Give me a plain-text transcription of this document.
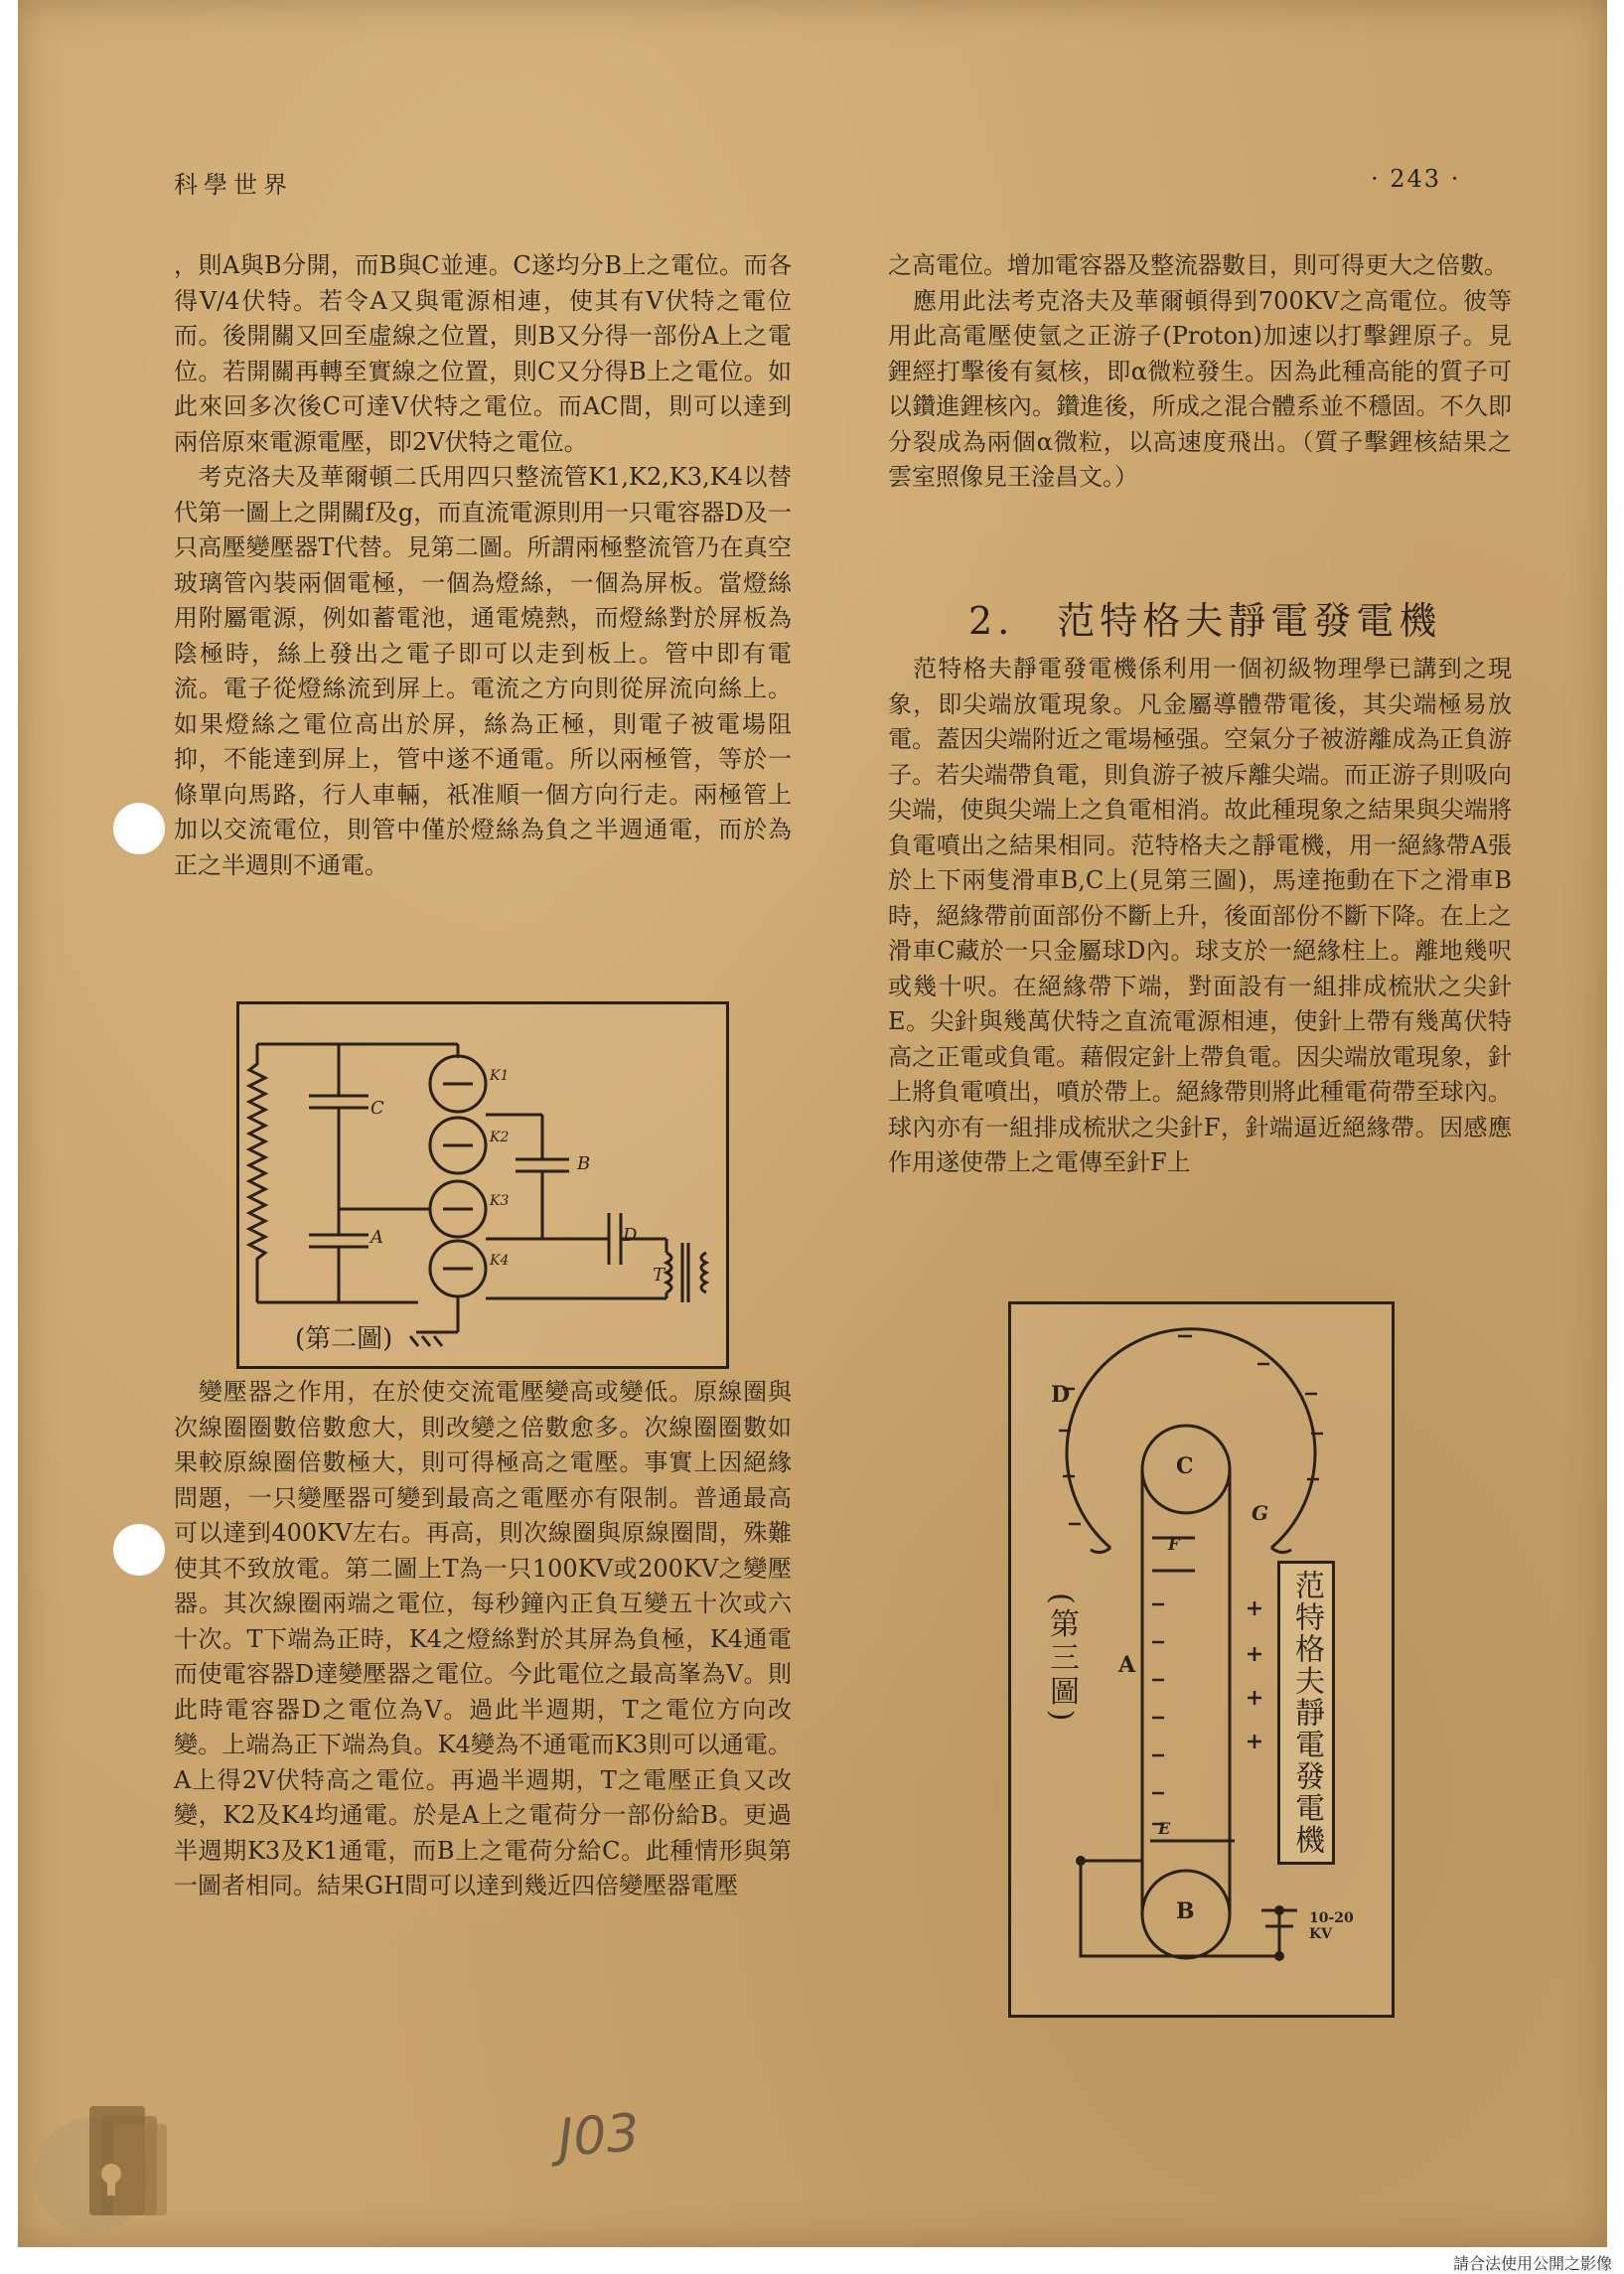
科學世界	· 243 ·

，則A與B分開，而B與C並連。C遂均分B上之電位。而各得V/4伏特。若令A又與電源相連，使其有V伏特之電位而。後開關又回至虛線之位置，則B又分得一部份A上之電位。若開關再轉至實線之位置，則C又分得B上之電位。如此來回多次後C可達V伏特之電位。而AC間，則可以達到兩倍原來電源電壓，即2V伏特之電位。

　考克洛夫及華爾頓二氏用四只整流管K1,K2,K3,K4以替代第一圖上之開關f及g，而直流電源則用一只電容器D及一只高壓變壓器T代替。見第二圖。所謂兩極整流管乃在真空玻璃管內裝兩個電極，一個為燈絲，一個為屏板。當燈絲用附屬電源，例如蓄電池，通電燒熱，而燈絲對於屏板為陰極時，絲上發出之電子即可以走到板上。管中即有電流。電子從燈絲流到屏上。電流之方向則從屏流向絲上。如果燈絲之電位高出於屏，絲為正極，則電子被電場阻抑，不能達到屏上，管中遂不通電。所以兩極管，等於一條單向馬路，行人車輛，祇准順一個方向行走。兩極管上加以交流電位，則管中僅於燈絲為負之半週通電，而於為正之半週則不通電。

C
B
A	D
T
K1
K2
K3
K4
(第二圖)

　變壓器之作用，在於使交流電壓變高或變低。原線圈與次線圈圈數倍數愈大，則改變之倍數愈多。次線圈圈數如果較原線圈倍數極大，則可得極高之電壓。事實上因絕緣問題，一只變壓器可變到最高之電壓亦有限制。普通最高可以達到400KV左右。再高，則次線圈與原線圈間，殊難使其不致放電。第二圖上T為一只100KV或200KV之變壓器。其次線圈兩端之電位，每秒鐘內正負互變五十次或六十次。T下端為正時，K4之燈絲對於其屏為負極，K4通電而使電容器D達變壓器之電位。今此電位之最高峯為V。則此時電容器D之電位為V。過此半週期，T之電位方向改變。上端為正下端為負。K4變為不通電而K3則可以通電。A上得2V伏特高之電位。再過半週期，T之電壓正負又改變，K2及K4均通電。於是A上之電荷分一部份給B。更過半週期K3及K1通電，而B上之電荷分給C。此種情形與第一圖者相同。結果GH間可以達到幾近四倍變壓器電壓

之高電位。增加電容器及整流器數目，則可得更大之倍數。

　應用此法考克洛夫及華爾頓得到700KV之高電位。彼等用此高電壓使氫之正游子(Proton)加速以打擊鋰原子。見鋰經打擊後有氦核，即α微粒發生。因為此種高能的質子可以鑽進鋰核內。鑽進後，所成之混合體系並不穩固。不久即分裂成為兩個α微粒，以高速度飛出。（質子擊鋰核結果之雲室照像見王淦昌文。）

2.　范特格夫靜電發電機

　范特格夫靜電發電機係利用一個初級物理學已講到之現象，即尖端放電現象。凡金屬導體帶電後，其尖端極易放電。蓋因尖端附近之電場極强。空氣分子被游離成為正負游子。若尖端帶負電，則負游子被斥離尖端。而正游子則吸向尖端，使與尖端上之負電相消。故此種現象之結果與尖端將負電噴出之結果相同。范特格夫之靜電機，用一絕緣帶A張於上下兩隻滑車B,C上(見第三圖)，馬達拖動在下之滑車B時，絕緣帶前面部份不斷上升，後面部份不斷下降。在上之滑車C藏於一只金屬球D內。球支於一絕緣柱上。離地幾呎或幾十呎。在絕緣帶下端，對面設有一組排成梳狀之尖針E。尖針與幾萬伏特之直流電源相連，使針上帶有幾萬伏特高之正電或負電。藉假定針上帶負電。因尖端放電現象，針上將負電噴出，噴於帶上。絕緣帶則將此種電荷帶至球內。球內亦有一組排成梳狀之尖針F，針端逼近絕緣帶。因感應作用遂使帶上之電傳至針F上

D
C
G
F
A
E
B	10-20 KV
(第三圖)	范特格夫靜電發電機
J03
請合法使用公開之影像
